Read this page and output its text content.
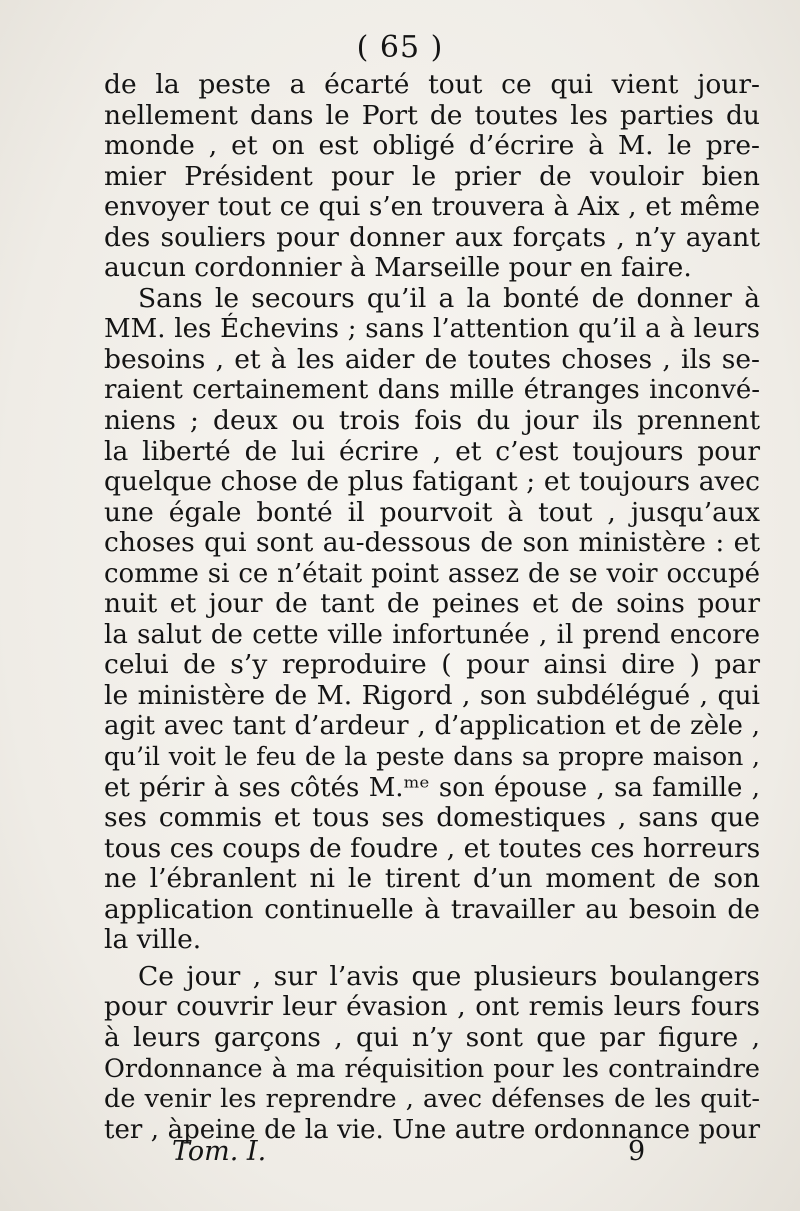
( 65 )
de la peste a écarté tout ce qui vient jour-
nellement dans le Port de toutes les parties du
monde , et on est obligé d’écrire à M. le pre-
mier Président pour le prier de vouloir bien
envoyer tout ce qui s’en trouvera à Aix , et même
des souliers pour donner aux forçats , n’y ayant
aucun cordonnier à Marseille pour en faire.
Sans le secours qu’il a la bonté de donner à
MM. les Échevins ; sans l’attention qu’il a à leurs
besoins , et à les aider de toutes choses , ils se-
raient certainement dans mille étranges inconvé-
niens ; deux ou trois fois du jour ils prennent
la liberté de lui écrire , et c’est toujours pour
quelque chose de plus fatigant ; et toujours avec
une égale bonté il pourvoit à tout , jusqu’aux
choses qui sont au-dessous de son ministère : et
comme si ce n’était point assez de se voir occupé
nuit et jour de tant de peines et de soins pour
la salut de cette ville infortunée , il prend encore
celui de s’y reproduire ( pour ainsi dire ) par
le ministère de M. Rigord , son subdélégué , qui
agit avec tant d’ardeur , d’application et de zèle ,
qu’il voit le feu de la peste dans sa propre maison ,
et périr à ses côtés M.ᵐᵉ son épouse , sa famille ,
ses commis et tous ses domestiques , sans que
tous ces coups de foudre , et toutes ces horreurs
ne l’ébranlent ni le tirent d’un moment de son
application continuelle à travailler au besoin de
la ville.
Ce jour , sur l’avis que plusieurs boulangers
pour couvrir leur évasion , ont remis leurs fours
à leurs garçons , qui n’y sont que par figure ,
Ordonnance à ma réquisition pour les contraindre
de venir les reprendre , avec défenses de les quit-
ter , àpeine de la vie. Une autre ordonnance pour
Tom. I.	9
